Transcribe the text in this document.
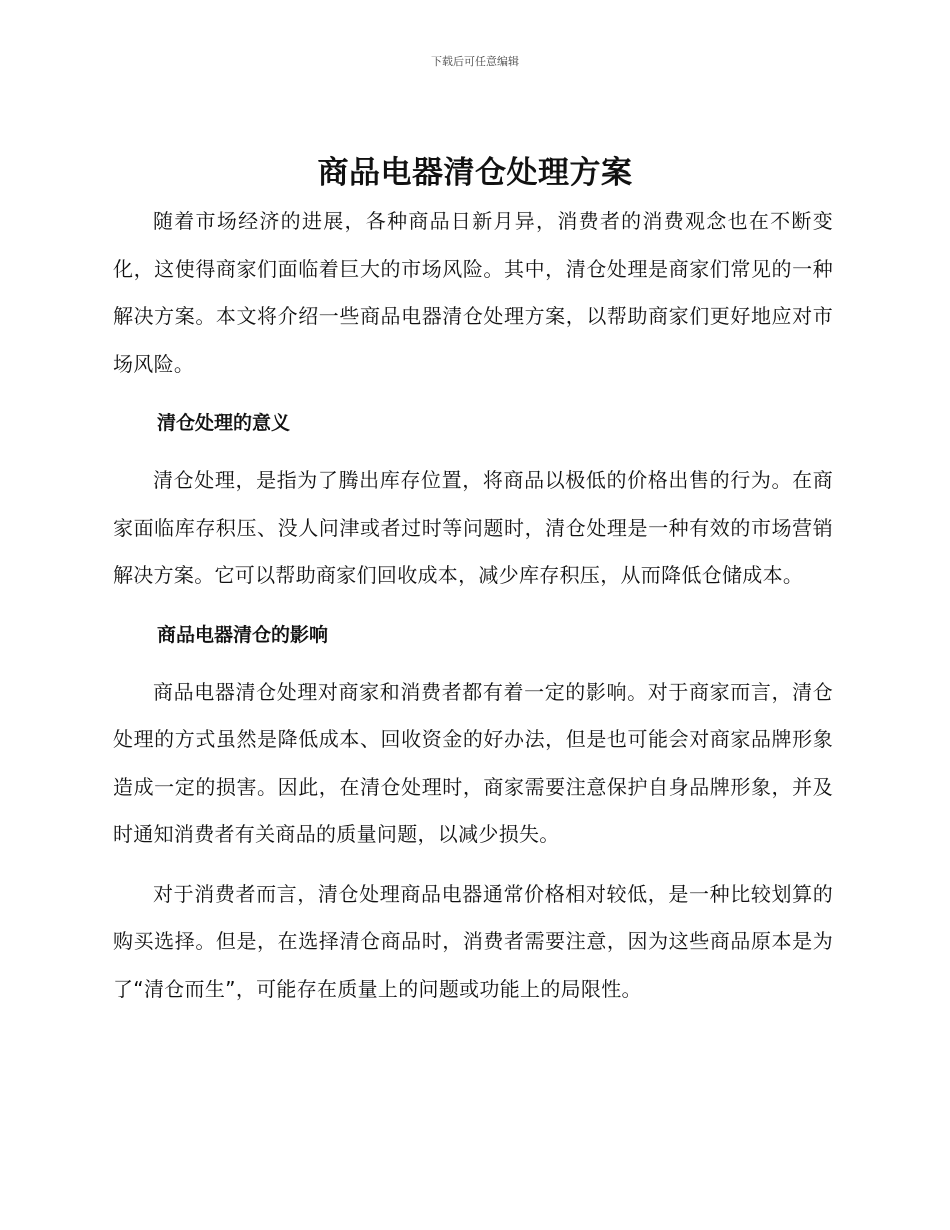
下载后可任意编辑
商品电器清仓处理方案

随着市场经济的进展，各种商品日新月异，消费者的消费观念也在不断变化，这使得商家们面临着巨大的市场风险。其中，清仓处理是商家们常见的一种解决方案。本文将介绍一些商品电器清仓处理方案，以帮助商家们更好地应对市场风险。

清仓处理的意义

清仓处理，是指为了腾出库存位置，将商品以极低的价格出售的行为。在商家面临库存积压、没人问津或者过时等问题时，清仓处理是一种有效的市场营销解决方案。它可以帮助商家们回收成本，减少库存积压，从而降低仓储成本。

商品电器清仓的影响

商品电器清仓处理对商家和消费者都有着一定的影响。对于商家而言，清仓处理的方式虽然是降低成本、回收资金的好办法，但是也可能会对商家品牌形象造成一定的损害。因此，在清仓处理时，商家需要注意保护自身品牌形象，并及时通知消费者有关商品的质量问题，以减少损失。

对于消费者而言，清仓处理商品电器通常价格相对较低，是一种比较划算的购买选择。但是，在选择清仓商品时，消费者需要注意，因为这些商品原本是为了“清仓而生”，可能存在质量上的问题或功能上的局限性。
